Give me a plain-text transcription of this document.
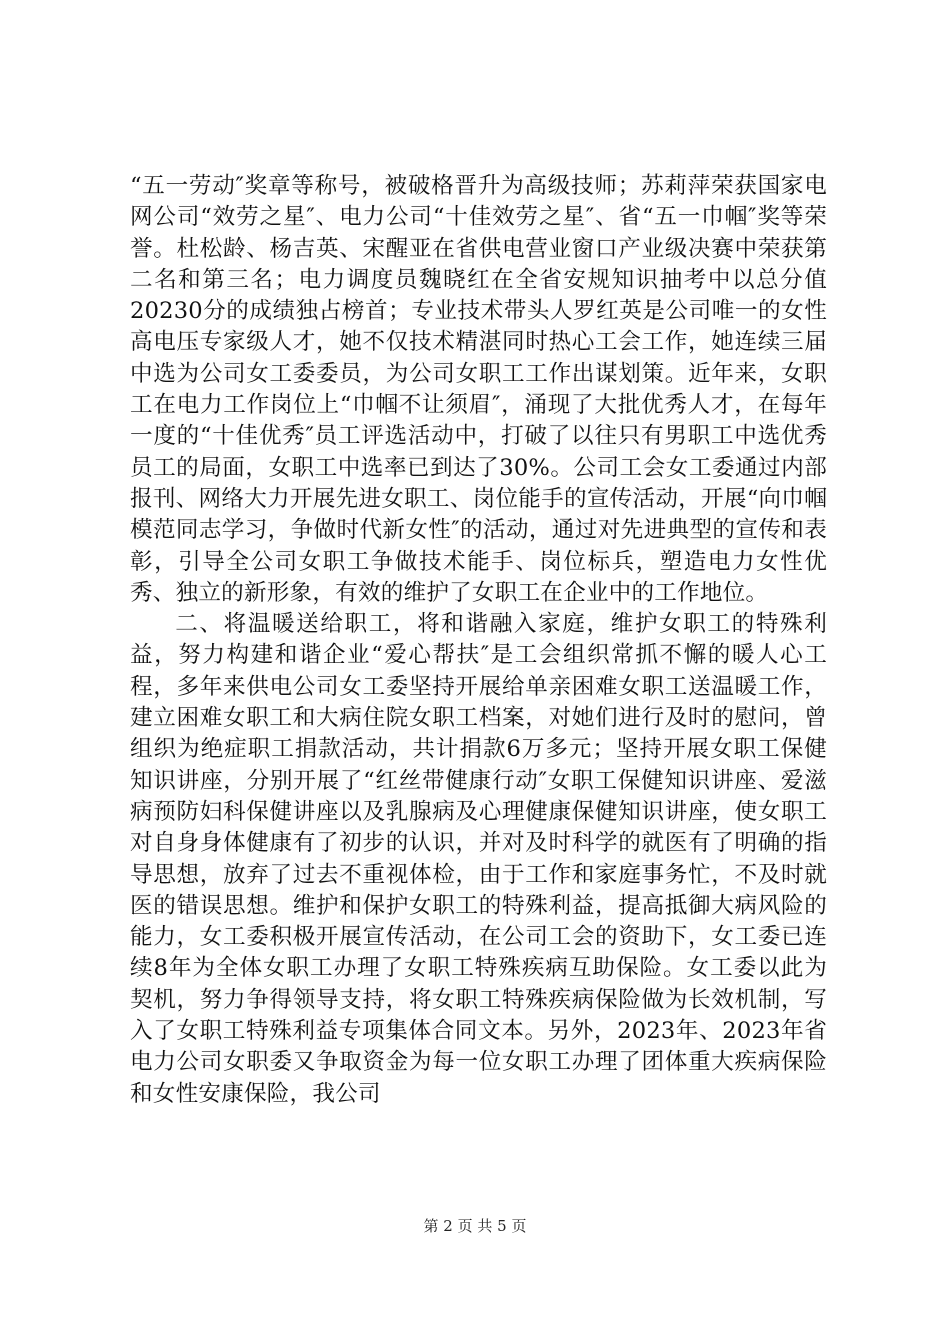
“五一劳动″奖章等称号，被破格晋升为高级技师；苏莉萍荣获国家电网公司“效劳之星″、电力公司“十佳效劳之星″、省“五一巾帼″奖等荣誉。杜松龄、杨吉英、宋醒亚在省供电营业窗口产业级决赛中荣获第二名和第三名；电力调度员魏晓红在全省安规知识抽考中以总分值20230分的成绩独占榜首；专业技术带头人罗红英是公司唯一的女性高电压专家级人才，她不仅技术精湛同时热心工会工作，她连续三届中选为公司女工委委员，为公司女职工工作出谋划策。近年来，女职工在电力工作岗位上“巾帼不让须眉″，涌现了大批优秀人才，在每年一度的“十佳优秀″员工评选活动中，打破了以往只有男职工中选优秀员工的局面，女职工中选率已到达了30%。公司工会女工委通过内部报刊、网络大力开展先进女职工、岗位能手的宣传活动，开展“向巾帼模范同志学习，争做时代新女性″的活动，通过对先进典型的宣传和表彰，引导全公司女职工争做技术能手、岗位标兵，塑造电力女性优秀、独立的新形象，有效的维护了女职工在企业中的工作地位。

二、将温暖送给职工，将和谐融入家庭，维护女职工的特殊利益，努力构建和谐企业“爱心帮扶″是工会组织常抓不懈的暖人心工程，多年来供电公司女工委坚持开展给单亲困难女职工送温暖工作，建立困难女职工和大病住院女职工档案，对她们进行及时的慰问，曾组织为绝症职工捐款活动，共计捐款6万多元；坚持开展女职工保健知识讲座，分别开展了“红丝带健康行动″女职工保健知识讲座、爱滋病预防妇科保健讲座以及乳腺病及心理健康保健知识讲座，使女职工对自身身体健康有了初步的认识，并对及时科学的就医有了明确的指导思想，放弃了过去不重视体检，由于工作和家庭事务忙，不及时就医的错误思想。维护和保护女职工的特殊利益，提高抵御大病风险的能力，女工委积极开展宣传活动，在公司工会的资助下，女工委已连续8年为全体女职工办理了女职工特殊疾病互助保险。女工委以此为契机，努力争得领导支持，将女职工特殊疾病保险做为长效机制，写入了女职工特殊利益专项集体合同文本。另外，2023年、2023年省电力公司女职委又争取资金为每一位女职工办理了团体重大疾病保险和女性安康保险，我公司

第 2 页 共 5 页
